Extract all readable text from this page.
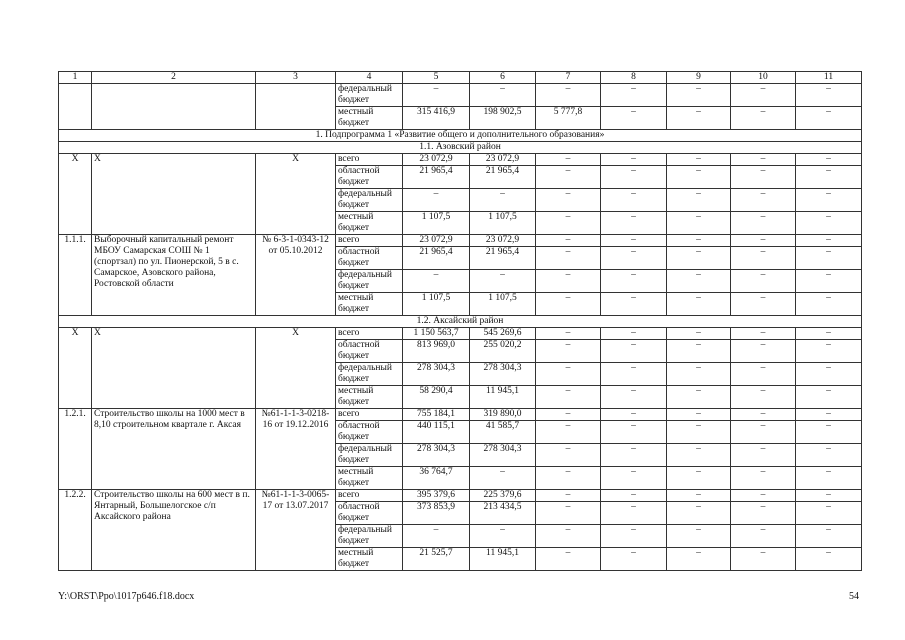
1	2	3	4	5	6	7	8	9	10	11
			федеральный бюджет	–	–	–	–	–	–	–
			местный бюджет	315 416,9	198 902,5	5 777,8	–	–	–	–
1. Подпрограмма 1 «Развитие общего и дополнительного образования»										
1.1. Азовский район										
Х	Х	Х	всего	23 072,9	23 072,9	–	–	–	–	–
			областной бюджет	21 965,4	21 965,4	–	–	–	–	–
			федеральный бюджет	–	–	–	–	–	–	–
			местный бюджет	1 107,5	1 107,5	–	–	–	–	–
1.1.1.	Выборочный капитальный ремонт МБОУ Самарская СОШ № 1 (спортзал) по ул. Пионерской, 5 в с. Самарское, Азовского района, Ростовской области	№ 6-3-1-0343-12 от 05.10.2012	всего	23 072,9	23 072,9	–	–	–	–	–
			областной бюджет	21 965,4	21 965,4	–	–	–	–	–
			федеральный бюджет	–	–	–	–	–	–	–
			местный бюджет	1 107,5	1 107,5	–	–	–	–	–
1.2. Аксайский район										
Х	Х	Х	всего	1 150 563,7	545 269,6	–	–	–	–	–
			областной бюджет	813 969,0	255 020,2	–	–	–	–	–
			федеральный бюджет	278 304,3	278 304,3	–	–	–	–	–
			местный бюджет	58 290,4	11 945,1	–	–	–	–	–
1.2.1.	Строительство школы на 1000 мест в 8,10 строительном квартале г. Аксая	№61-1-1-3-0218-16 от 19.12.2016	всего	755 184,1	319 890,0	–	–	–	–	–
			областной бюджет	440 115,1	41 585,7	–	–	–	–	–
			федеральный бюджет	278 304,3	278 304,3	–	–	–	–	–
			местный бюджет	36 764,7	–	–	–	–	–	–
1.2.2.	Строительство школы на 600 мест в п. Янтарный, Большелогское с/п Аксайского района	№61-1-1-3-0065-17 от 13.07.2017	всего	395 379,6	225 379,6	–	–	–	–	–
			областной бюджет	373 853,9	213 434,5	–	–	–	–	–
			федеральный бюджет	–	–	–	–	–	–	–
			местный бюджет	21 525,7	11 945,1	–	–	–	–	–
Y:\ORST\Ppo\1017p646.f18.docx	54
